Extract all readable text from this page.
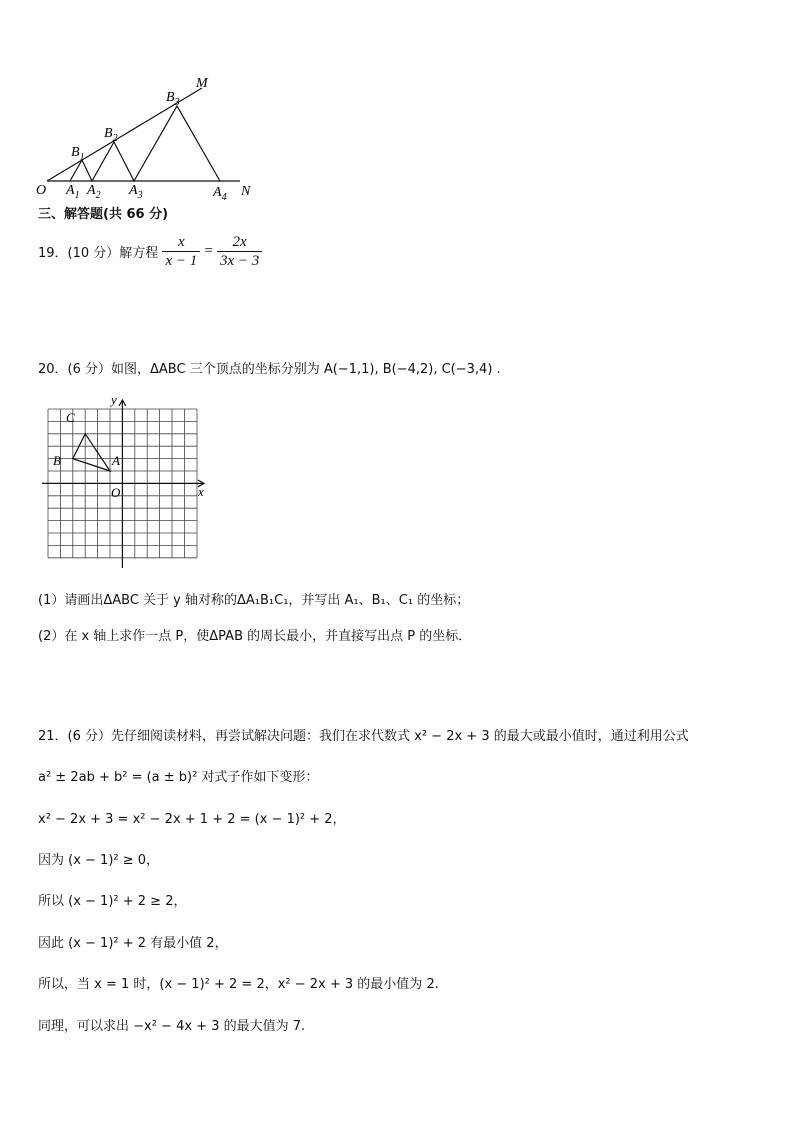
O
M
N
$B_1$
$B_2$
$B_3$
$A_1$ $A_2$ $A_3$	$A_4$
三、解答题(共 66 分)
19．(10 分）解方程 $\frac{x}{x - 1} = \frac{2x}{3x - 3}$
20．(6 分）如图，ΔABC 三个顶点的坐标分别为 A(−1,1), B(−4,2), C(−3,4) .
y
x
O
A
B
C
(1）请画出ΔABC 关于 y 轴对称的ΔA₁B₁C₁，并写出 A₁、B₁、C₁ 的坐标；
(2）在 x 轴上求作一点 P，使ΔPAB 的周长最小，并直接写出点 P 的坐标．
21．(6 分）先仔细阅读材料，再尝试解决问题：我们在求代数式 x² − 2x + 3 的最大或最小值时，通过利用公式
a² ± 2ab + b² = (a ± b)² 对式子作如下变形：
x² − 2x + 3 = x² − 2x + 1 + 2 = (x − 1)² + 2，
因为 (x − 1)² ≥ 0，
所以 (x − 1)² + 2 ≥ 2，
因此 (x − 1)² + 2 有最小值 2，
所以，当 x = 1 时，(x − 1)² + 2 = 2，x² − 2x + 3 的最小值为 2.
同理，可以求出 −x² − 4x + 3 的最大值为 7.
